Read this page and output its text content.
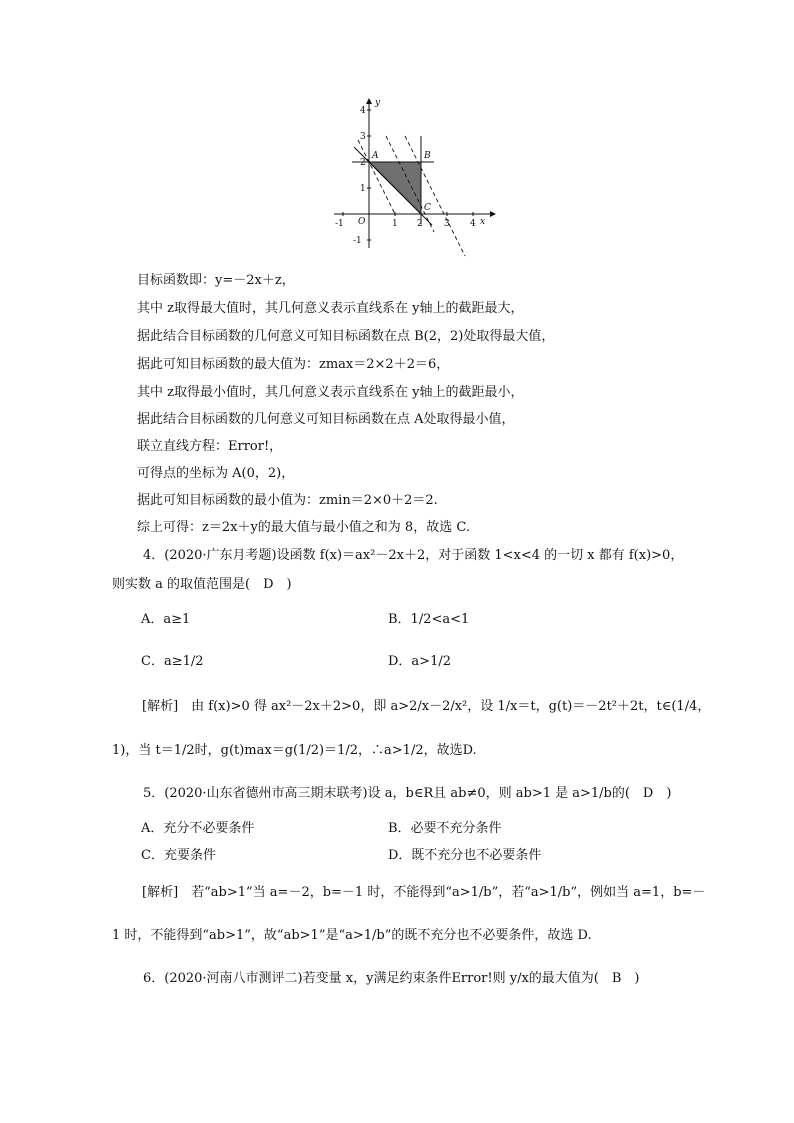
x
y
O
-1	1 2 3 4
-1
1
2
3
4
A	B
C
目标函数即：y=－2x＋z，
其中 z取得最大值时，其几何意义表示直线系在 y轴上的截距最大，
据此结合目标函数的几何意义可知目标函数在点 B(2，2)处取得最大值，
据此可知目标函数的最大值为：zmax＝2×2＋2＝6，
其中 z取得最小值时，其几何意义表示直线系在 y轴上的截距最小，
据此结合目标函数的几何意义可知目标函数在点 A处取得最小值，
联立直线方程：Error!，
可得点的坐标为 A(0，2)，
据此可知目标函数的最小值为：zmin＝2×0＋2＝2.
综上可得：z＝2x＋y的最大值与最小值之和为 8，故选 C.
4．(2020·广东月考题)设函数 f(x)＝ax²－2x＋2，对于函数 1<x<4 的一切 x 都有 f(x)>0，
则实数 a 的取值范围是(　D　)
A．a≥1	B．1/2<a<1
C．a≥1/2	D．a>1/2
[解析]　由 f(x)>0 得 ax²－2x＋2>0，即 a>2/x－2/x²，设 1/x＝t，g(t)＝－2t²＋2t，t∈(1/4，
1)，当 t＝1/2时，g(t)max＝g(1/2)＝1/2，∴a>1/2，故选D.
5．(2020·山东省德州市高三期末联考)设 a，b∈R且 ab≠0，则 ab>1 是 a>1/b的(　D　)
A．充分不必要条件	B．必要不充分条件
C．充要条件	D．既不充分也不必要条件
[解析]　若“ab>1”当 a=－2，b=－1 时，不能得到“a>1/b”，若“a>1/b”，例如当 a=1，b=－
1 时，不能得到“ab>1”，故“ab>1”是“a>1/b”的既不充分也不必要条件，故选 D.
6．(2020·河南八市测评二)若变量 x，y满足约束条件Error!则 y/x的最大值为(　B　)
